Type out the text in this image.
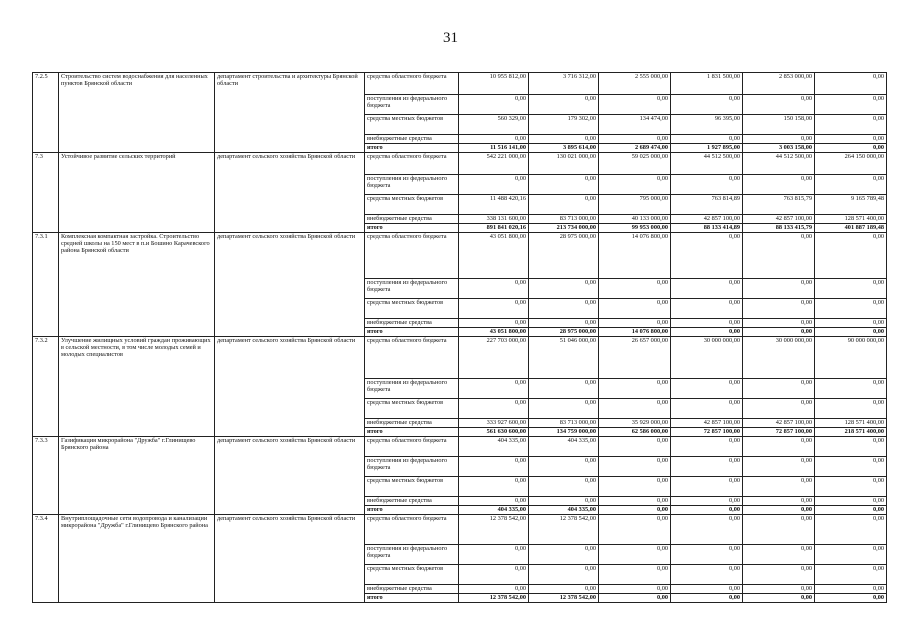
31
7.2.5	Строительство систем водоснабжения для населенных пунктов Брянской области	департамент строительства и архитектуры Брянской области	средства областного бюджета	10 955 812,00	3 716 312,00	2 555 000,00	1 831 500,00	2 853 000,00	0,00
			поступления из федерального бюджета	0,00	0,00	0,00	0,00	0,00	0,00
			средства местных бюджетов	560 329,00	179 302,00	134 474,00	96 395,00	150 158,00	0,00
			внебюджетные средства	0,00	0,00	0,00	0,00	0,00	0,00
			итого	11 516 141,00	3 895 614,00	2 689 474,00	1 927 895,00	3 003 158,00	0,00
7.3	Устойчивое развитие сельских территорий	департамент сельского хозяйства Брянской области	средства областного бюджета	542 221 000,00	130 021 000,00	59 025 000,00	44 512 500,00	44 512 500,00	264 150 000,00
			поступления из федерального бюджета	0,00	0,00	0,00	0,00	0,00	0,00
			средства местных бюджетов	11 488 420,16	0,00	795 000,00	763 814,89	763 815,79	9 165 789,48
			внебюджетные средства	338 131 600,00	83 713 000,00	40 133 000,00	42 857 100,00	42 857 100,00	128 571 400,00
			итого	891 841 020,16	213 734 000,00	99 953 000,00	88 133 414,89	88 133 415,79	401 887 189,48
7.3.1	Комплексная компактная застройка. Строительство средней школы на 150 мест в п.и Бошино Карачевского района Брянской области	департамент сельского хозяйства Брянской области	средства областного бюджета	43 051 800,00	28 975 000,00	14 076 800,00	0,00	0,00	0,00
			поступления из федерального бюджета	0,00	0,00	0,00	0,00	0,00	0,00
			средства местных бюджетов	0,00	0,00	0,00	0,00	0,00	0,00
			внебюджетные средства	0,00	0,00	0,00	0,00	0,00	0,00
			итого	43 051 800,00	28 975 000,00	14 076 800,00	0,00	0,00	0,00
7.3.2	Улучшение жилищных условий граждан проживающих в сельской местности, в том числе молодых семей и молодых специалистов	департамент сельского хозяйства Брянской области	средства областного бюджета	227 703 000,00	51 046 000,00	26 657 000,00	30 000 000,00	30 000 000,00	90 000 000,00
			поступления из федерального бюджета	0,00	0,00	0,00	0,00	0,00	0,00
			средства местных бюджетов	0,00	0,00	0,00	0,00	0,00	0,00
			внебюджетные средства	333 927 600,00	83 713 000,00	35 929 000,00	42 857 100,00	42 857 100,00	128 571 400,00
			итого	561 630 600,00	134 759 000,00	62 586 000,00	72 857 100,00	72 857 100,00	218 571 400,00
7.3.3	Газификация микрорайона "Дружба" г.Глинищево Брянского района	департамент сельского хозяйства Брянской области	средства областного бюджета	404 335,00	404 335,00	0,00	0,00	0,00	0,00
			поступления из федерального бюджета	0,00	0,00	0,00	0,00	0,00	0,00
			средства местных бюджетов	0,00	0,00	0,00	0,00	0,00	0,00
			внебюджетные средства	0,00	0,00	0,00	0,00	0,00	0,00
			итого	404 335,00	404 335,00	0,00	0,00	0,00	0,00
7.3.4	Внутриплощадочные сети водопровода и канализации микрорайона "Дружба" г.Глинищево Брянского района	департамент сельского хозяйства Брянской области	средства областного бюджета	12 378 542,00	12 378 542,00	0,00	0,00	0,00	0,00
			поступления из федерального бюджета	0,00	0,00	0,00	0,00	0,00	0,00
			средства местных бюджетов	0,00	0,00	0,00	0,00	0,00	0,00
			внебюджетные средства	0,00	0,00	0,00	0,00	0,00	0,00
			итого	12 378 542,00	12 378 542,00	0,00	0,00	0,00	0,00
